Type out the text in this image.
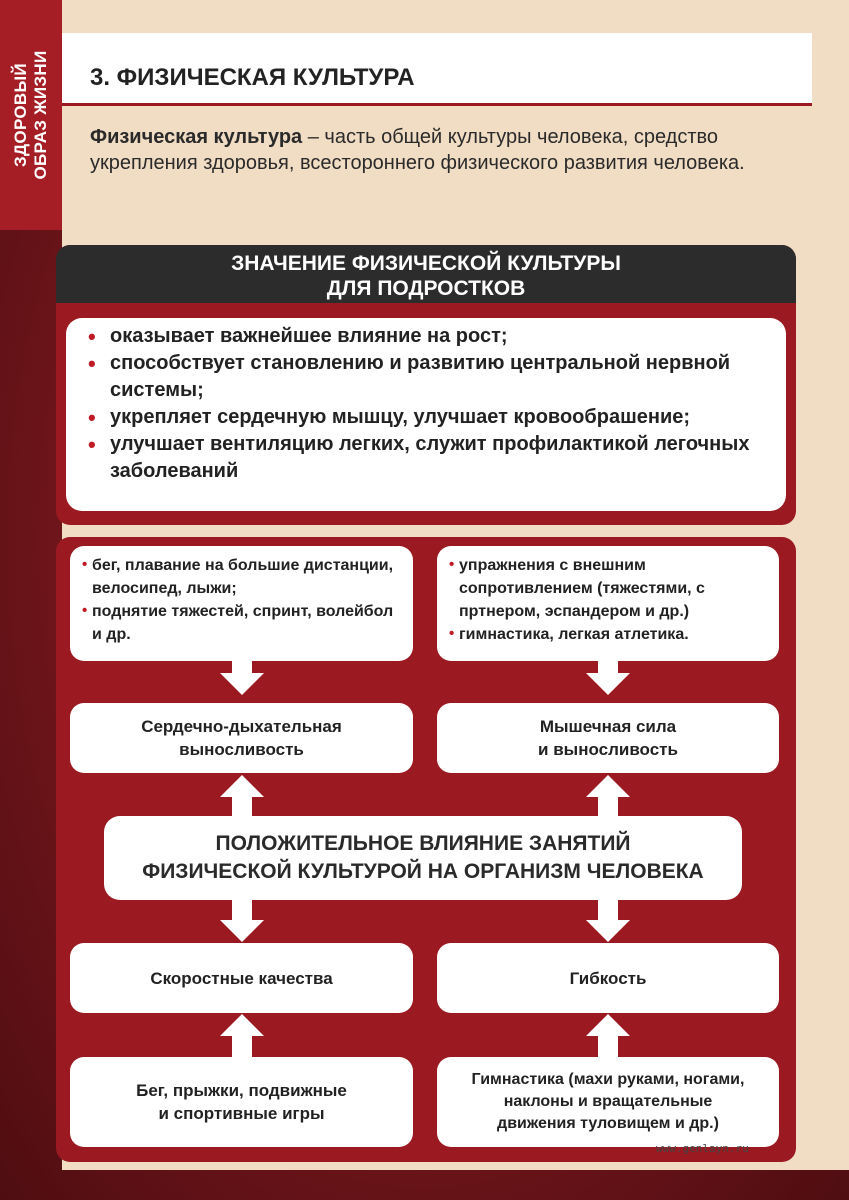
ЗДОРОВЫЙ
ОБРАЗ ЖИЗНИ 3. ФИЗИЧЕСКАЯ КУЛЬТУРА
Физическая культура – часть общей культуры человека, средство укрепления здоровья, всестороннего физического развития человека.
ЗНАЧЕНИЕ ФИЗИЧЕСКОЙ КУЛЬТУРЫ
ДЛЯ ПОДРОСТКОВ
• оказывает важнейшее влияние на рост;
• способствует становлению и развитию центральной нервной системы;
• укрепляет сердечную мышцу, улучшает кровообрашение;
• улучшает вентиляцию легких, служит профилактикой легочных заболеваний
• бег, плавание на большие дистанции, велосипед, лыжи;
• поднятие тяжестей, спринт, волейбол и др.
• упражнения с внешним сопротивлением (тяжестями, с пртнером, эспандером и др.)
• гимнастика, легкая атлетика.
Сердечно-дыхательная
выносливость
Мышечная сила
и выносливость
ПОЛОЖИТЕЛЬНОЕ ВЛИЯНИЕ ЗАНЯТИЙ
ФИЗИЧЕСКОЙ КУЛЬТУРОЙ НА ОРГАНИЗМ ЧЕЛОВЕКА
Скоростные качества	Гибкость
Бег, прыжки, подвижные
и спортивные игры
Гимнастика (махи руками, ногами,
наклоны и вращательные
движения туловищем и др.)
www.genlayn.ru
